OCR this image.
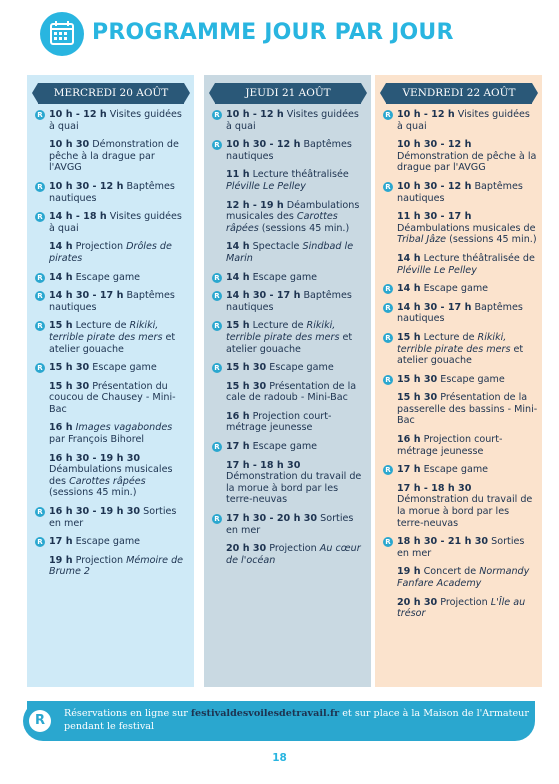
PROGRAMME JOUR PAR JOUR
MERCREDI 20 AOÛT
R 10 h - 12 h Visites guidées à quai
10 h 30 Démonstration de pêche à la drague par l'AVGG
R 10 h 30 - 12 h Baptêmes nautiques
R 14 h - 18 h Visites guidées à quai
14 h Projection Drôles de pirates
R 14 h Escape game
R 14 h 30 - 17 h Baptêmes nautiques
R 15 h Lecture de Rikiki, terrible pirate des mers et atelier gouache
R 15 h 30 Escape game
15 h 30 Présentation du coucou de Chausey - Mini-Bac
16 h Images vagabondes par François Bihorel
16 h 30 - 19 h 30 Déambulations musicales des Carottes râpées (sessions 45 min.)
R 16 h 30 - 19 h 30 Sorties en mer
R 17 h Escape game
19 h Projection Mémoire de Brume 2
JEUDI 21 AOÛT
R 10 h - 12 h Visites guidées à quai
R 10 h 30 - 12 h Baptêmes nautiques
11 h Lecture théâtralisée Pléville Le Pelley
12 h - 19 h Déambulations musicales des Carottes râpées (sessions 45 min.)
14 h Spectacle Sindbad le Marin
R 14 h Escape game
R 14 h 30 - 17 h Baptêmes nautiques
R 15 h Lecture de Rikiki, terrible pirate des mers et atelier gouache
R 15 h 30 Escape game
15 h 30 Présentation de la cale de radoub - Mini-Bac
16 h Projection court-métrage jeunesse
R 17 h Escape game
17 h - 18 h 30 Démonstration du travail de la morue à bord par les terre-neuvas
R 17 h 30 - 20 h 30 Sorties en mer
20 h 30 Projection Au cœur de l'océan
VENDREDI 22 AOÛT
R 10 h - 12 h Visites guidées à quai
10 h 30 - 12 h Démonstration de pêche à la drague par l'AVGG
R 10 h 30 - 12 h Baptêmes nautiques
11 h 30 - 17 h Déambulations musicales de Tribal Jâze (sessions 45 min.)
14 h Lecture théâtralisée de Pléville Le Pelley
R 14 h Escape game
R 14 h 30 - 17 h Baptêmes nautiques
R 15 h Lecture de Rikiki, terrible pirate des mers et atelier gouache
R 15 h 30 Escape game
15 h 30 Présentation de la passerelle des bassins - Mini-Bac
16 h Projection court-métrage jeunesse
R 17 h Escape game
17 h - 18 h 30 Démonstration du travail de la morue à bord par les terre-neuvas
R 18 h 30 - 21 h 30 Sorties en mer
19 h Concert de Normandy Fanfare Academy
20 h 30 Projection L'Île au trésor
R	Réservations en ligne sur festivaldesvoilesdetravail.fr et sur place à la Maison de l'Armateur pendant le festival
18
